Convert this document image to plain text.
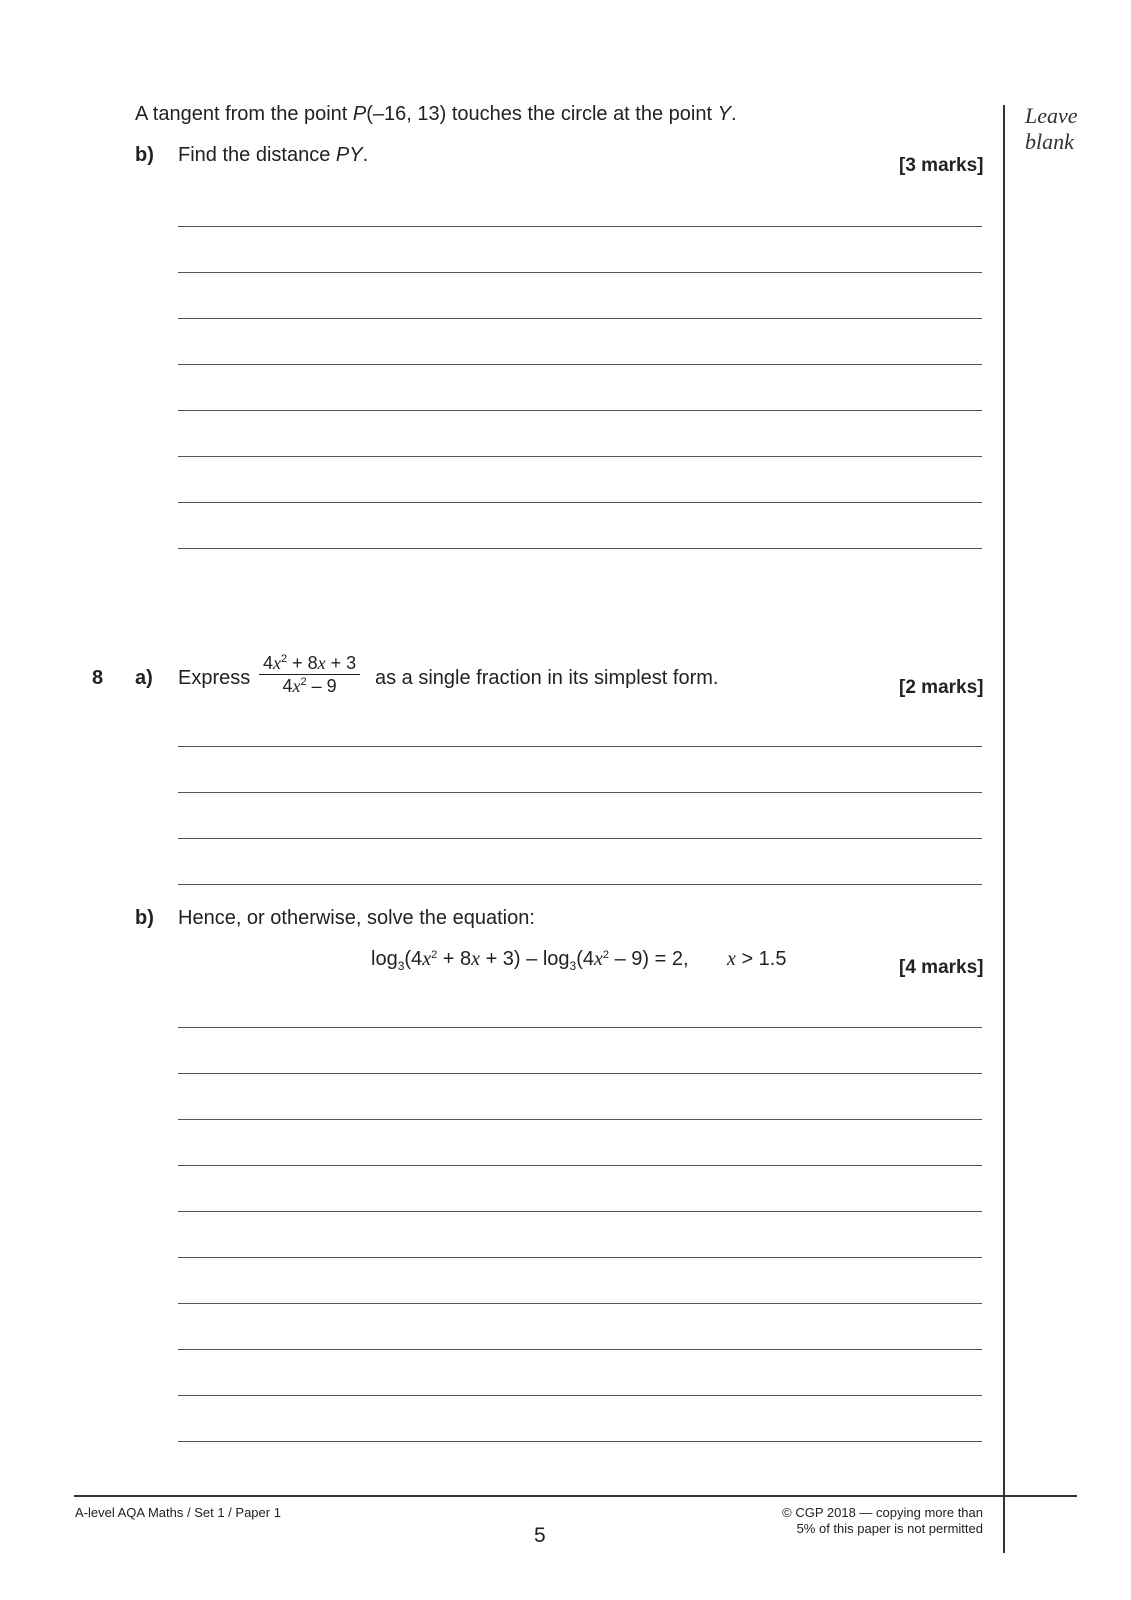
Leave
blank
A tangent from the point P(–16, 13) touches the circle at the point Y.
b) Find the distance PY.	[3 marks]
8 a) Express
$4x^2 + 8x + 3$
$4x^2 - 9$	as a single fraction in its simplest form.	[2 marks]
b) Hence, or otherwise, solve the equation:
$\log_3(4x^2 + 8x + 3) - \log_3(4x^2 - 9) = 2$, x > 1.5	[4 marks]
A-level AQA Maths / Set 1 / Paper 1
5
© CGP 2018 — copying more than
5% of this paper is not permitted
